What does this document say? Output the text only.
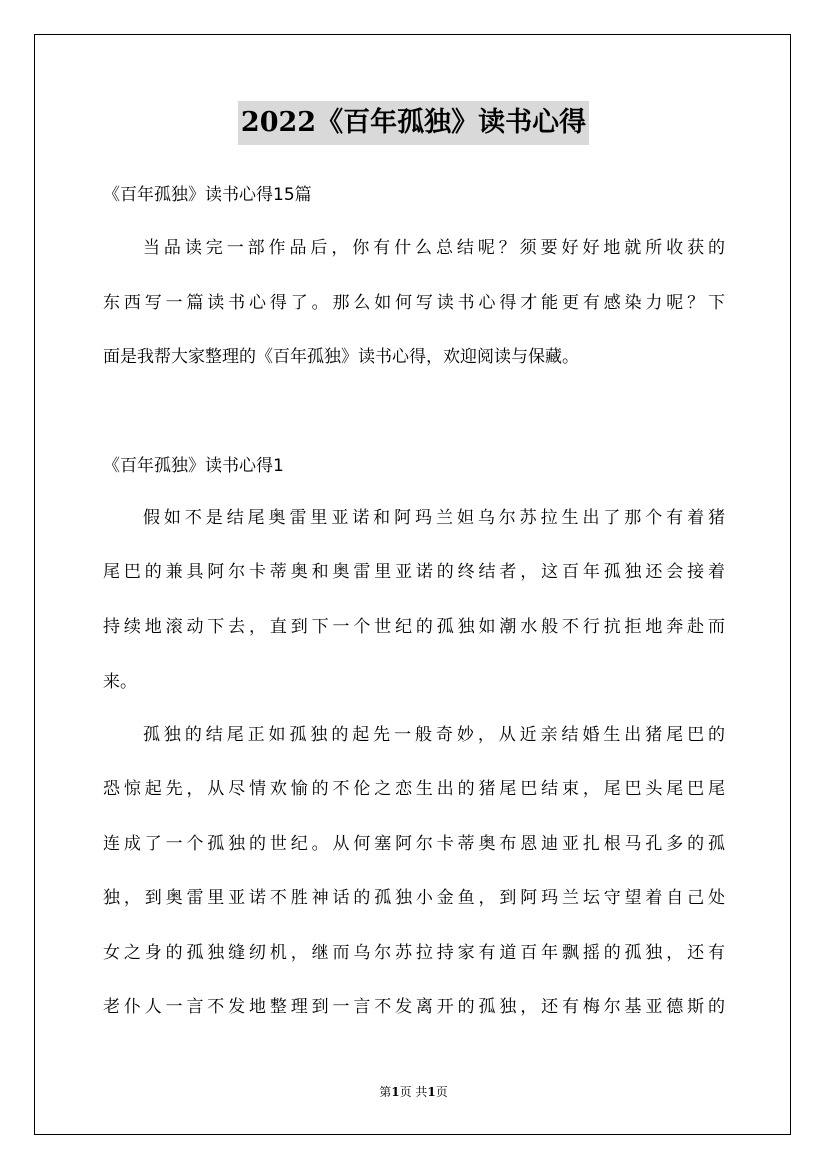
2022《百年孤独》读书心得
《百年孤独》读书心得15篇
当品读完一部作品后，你有什么总结呢？须要好好地就所收获的
东西写一篇读书心得了。那么如何写读书心得才能更有感染力呢？下
面是我帮大家整理的《百年孤独》读书心得，欢迎阅读与保藏。
《百年孤独》读书心得1
假如不是结尾奥雷里亚诺和阿玛兰妲乌尔苏拉生出了那个有着猪
尾巴的兼具阿尔卡蒂奥和奥雷里亚诺的终结者，这百年孤独还会接着
持续地滚动下去，直到下一个世纪的孤独如潮水般不行抗拒地奔赴而
来。
孤独的结尾正如孤独的起先一般奇妙，从近亲结婚生出猪尾巴的
恐惊起先，从尽情欢愉的不伦之恋生出的猪尾巴结束，尾巴头尾巴尾
连成了一个孤独的世纪。从何塞阿尔卡蒂奥布恩迪亚扎根马孔多的孤
独，到奥雷里亚诺不胜神话的孤独小金鱼，到阿玛兰坛守望着自己处
女之身的孤独缝纫机，继而乌尔苏拉持家有道百年飘摇的孤独，还有
老仆人一言不发地整理到一言不发离开的孤独，还有梅尔基亚德斯的
第1页 共1页
